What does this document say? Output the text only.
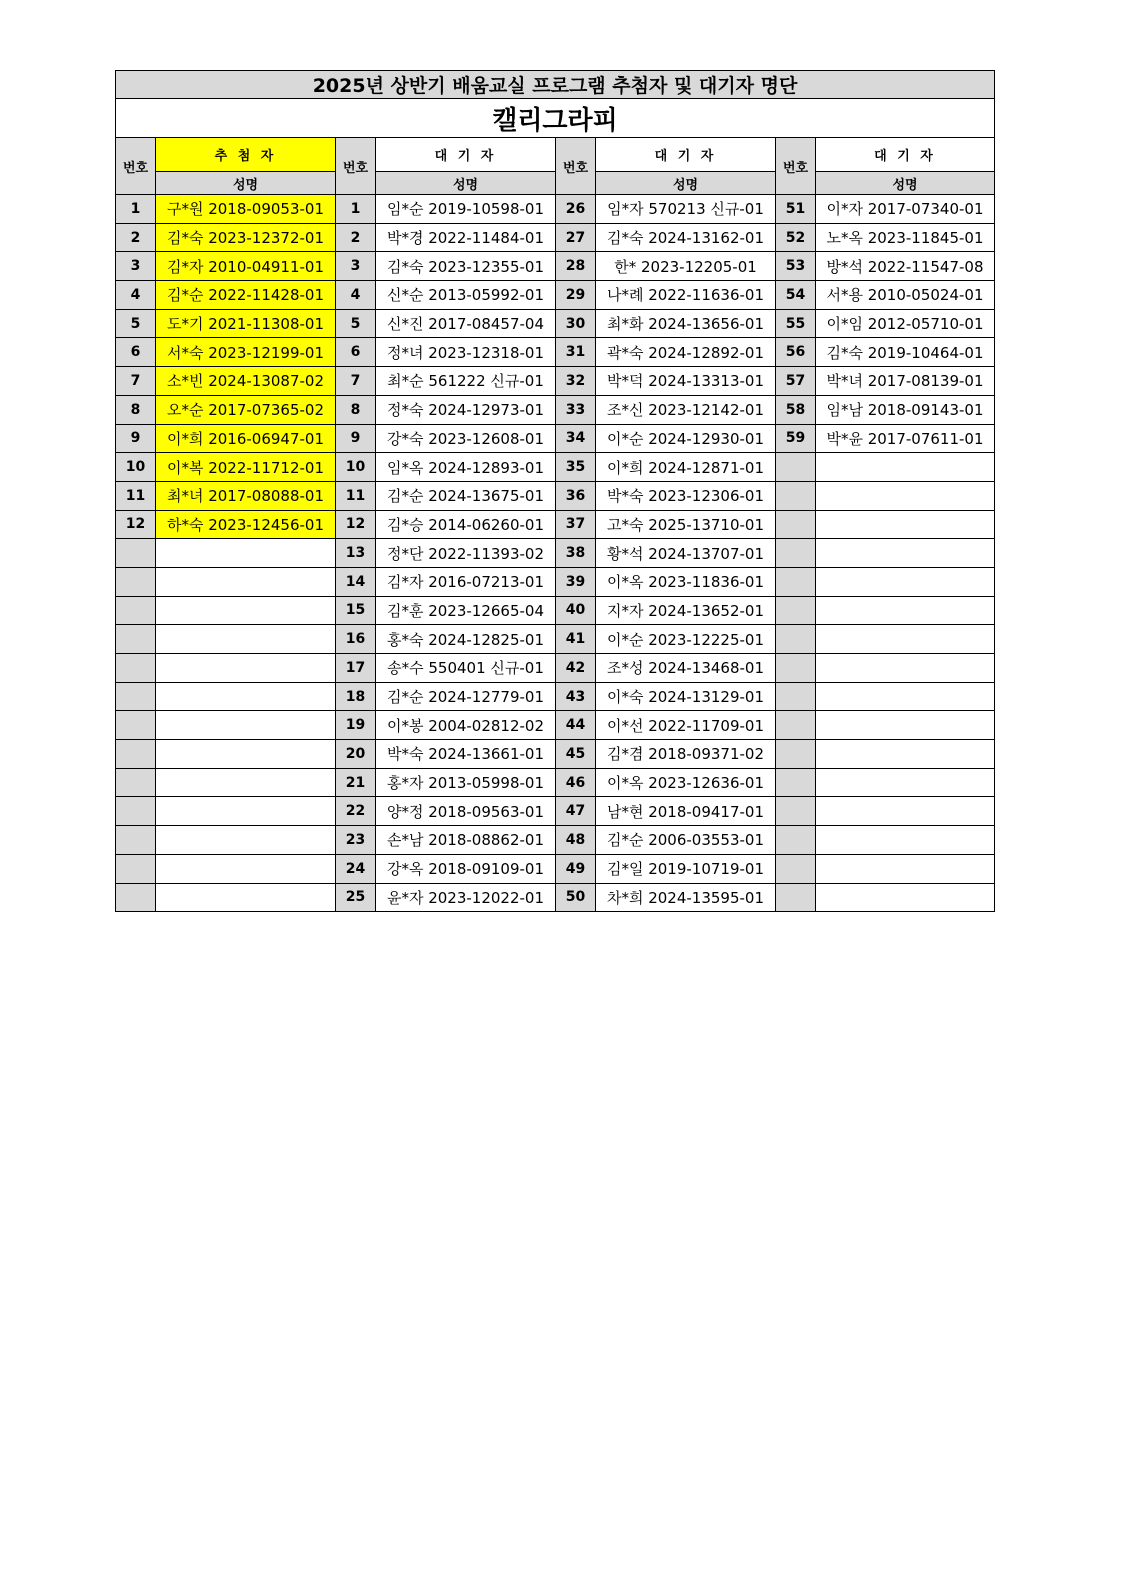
2025년 상반기 배움교실 프로그램 추첨자 및 대기자 명단							
캘리그라피							
번호	추 첨 자	번호	대 기 자	번호	대 기 자	번호	대 기 자
	성명		성명		성명		성명
1	구*원 2018-09053-01	1	임*순 2019-10598-01	26	임*자 570213 신규-01	51	이*자 2017-07340-01
2	김*숙 2023-12372-01	2	박*경 2022-11484-01	27	김*숙 2024-13162-01	52	노*옥 2023-11845-01
3	김*자 2010-04911-01	3	김*숙 2023-12355-01	28	한* 2023-12205-01	53	방*석 2022-11547-08
4	김*순 2022-11428-01	4	신*순 2013-05992-01	29	나*례 2022-11636-01	54	서*용 2010-05024-01
5	도*기 2021-11308-01	5	신*진 2017-08457-04	30	최*화 2024-13656-01	55	이*임 2012-05710-01
6	서*숙 2023-12199-01	6	정*녀 2023-12318-01	31	곽*숙 2024-12892-01	56	김*숙 2019-10464-01
7	소*빈 2024-13087-02	7	최*순 561222 신규-01	32	박*덕 2024-13313-01	57	박*녀 2017-08139-01
8	오*순 2017-07365-02	8	정*숙 2024-12973-01	33	조*신 2023-12142-01	58	임*남 2018-09143-01
9	이*희 2016-06947-01	9	강*숙 2023-12608-01	34	이*순 2024-12930-01	59	박*윤 2017-07611-01
10	이*복 2022-11712-01	10	임*옥 2024-12893-01	35	이*희 2024-12871-01		
11	최*녀 2017-08088-01	11	김*순 2024-13675-01	36	박*숙 2023-12306-01		
12	하*숙 2023-12456-01	12	김*승 2014-06260-01	37	고*숙 2025-13710-01		
		13	정*단 2022-11393-02	38	황*석 2024-13707-01		
		14	김*자 2016-07213-01	39	이*옥 2023-11836-01		
		15	김*훈 2023-12665-04	40	지*자 2024-13652-01		
		16	홍*숙 2024-12825-01	41	이*순 2023-12225-01		
		17	송*수 550401 신규-01	42	조*성 2024-13468-01		
		18	김*순 2024-12779-01	43	이*숙 2024-13129-01		
		19	이*봉 2004-02812-02	44	이*선 2022-11709-01		
		20	박*숙 2024-13661-01	45	김*겸 2018-09371-02		
		21	홍*자 2013-05998-01	46	이*옥 2023-12636-01		
		22	양*정 2018-09563-01	47	남*현 2018-09417-01		
		23	손*남 2018-08862-01	48	김*순 2006-03553-01		
		24	강*옥 2018-09109-01	49	김*일 2019-10719-01		
		25	윤*자 2023-12022-01	50	차*희 2024-13595-01		
